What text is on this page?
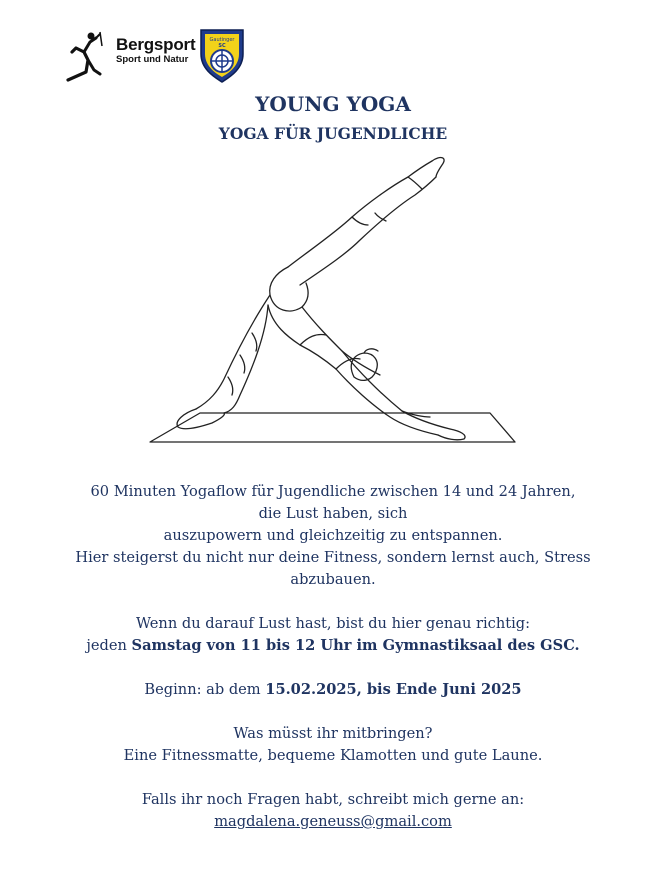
Bergsport
Sport und Natur
Gautinger
SC
YOUNG YOGA
YOGA FÜR JUGENDLICHE

60 Minuten Yogaflow für Jugendliche zwischen 14 und 24 Jahren,

die Lust haben, sich

auszupowern und gleichzeitig zu entspannen.

Hier steigerst du nicht nur deine Fitness, sondern lernst auch, Stress

abzubauen.

Wenn du darauf Lust hast, bist du hier genau richtig:

jeden Samstag von 11 bis 12 Uhr im Gymnastiksaal des GSC.

Beginn: ab dem 15.02.2025, bis Ende Juni 2025

Was müsst ihr mitbringen?

Eine Fitnessmatte, bequeme Klamotten und gute Laune.

Falls ihr noch Fragen habt, schreibt mich gerne an:

magdalena.geneuss@gmail.com
